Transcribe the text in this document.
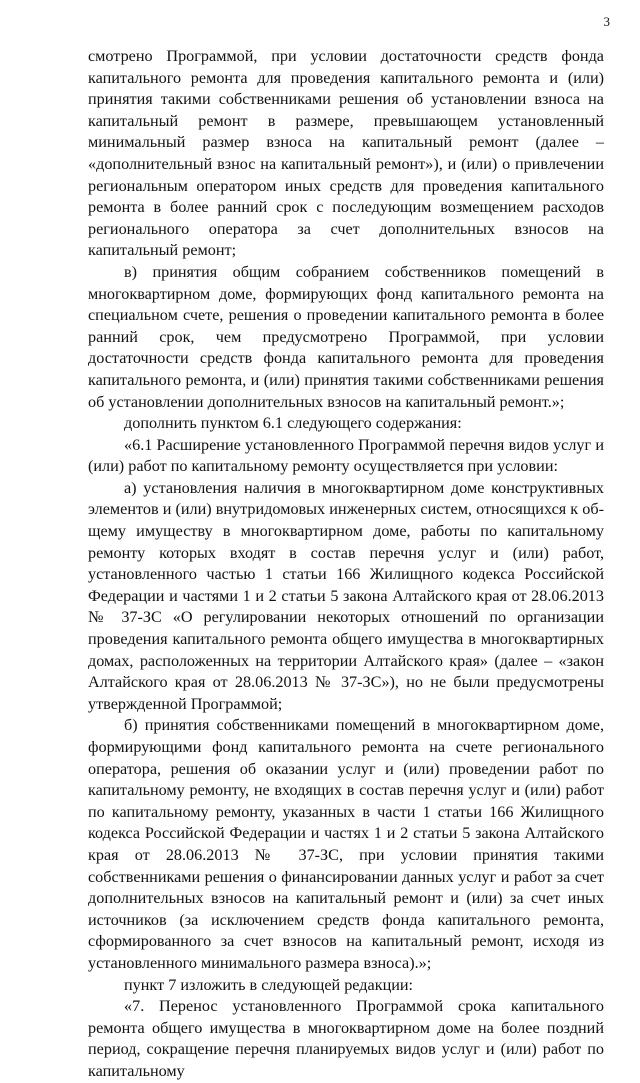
3

смотрено Программой, при условии достаточности средств фонда капитального ремонта для проведения капитального ремонта и (или) принятия такими собственниками решения об установлении взноса на капитальный ремонт в размере, превышающем установленный минимальный размер взноса на капитальный ремонт (далее – «дополнительный взнос на капитальный ремонт»), и (или) о привлечении региональным оператором иных средств для проведения капитального ремонта в более ранний срок с последующим возмещением расходов регионального оператора за счет дополнительных взносов на капитальный ремонт;

в) принятия общим собранием собственников помещений в многоквартирном доме, формирующих фонд капитального ремонта на специальном счете, решения о проведении капитального ремонта в более ранний срок, чем предусмотрено Программой, при условии достаточности средств фонда капитального ремонта для проведения капитального ремонта, и (или) принятия такими собственниками решения об установлении дополнительных взносов на капитальный ремонт.»;

дополнить пунктом 6.1 следующего содержания:

«6.1 Расширение установленного Программой перечня видов услуг и (или) работ по капитальному ремонту осуществляется при условии:

а) установления наличия в многоквартирном доме конструктивных элементов и (или) внутридомовых инженерных систем, относящихся к общему имуществу в многоквартирном доме, работы по капитальному ремонту которых входят в состав перечня услуг и (или) работ, установленного частью 1 статьи 166 Жилищного кодекса Российской Федерации и частями 1 и 2 статьи 5 закона Алтайского края от 28.06.2013 № 37-ЗС «О регулировании некоторых отношений по организации проведения капитального ремонта общего имущества в многоквартирных домах, расположенных на территории Алтайского края» (далее – «закон Алтайского края от 28.06.2013 № 37-ЗС»), но не были предусмотрены утвержденной Программой;

б) принятия собственниками помещений в многоквартирном доме, формирующими фонд капитального ремонта на счете регионального оператора, решения об оказании услуг и (или) проведении работ по капитальному ремонту, не входящих в состав перечня услуг и (или) работ по капитальному ремонту, указанных в части 1 статьи 166 Жилищного кодекса Российской Федерации и частях 1 и 2 статьи 5 закона Алтайского края от 28.06.2013 № 37-ЗС, при условии принятия такими собственниками решения о финансировании данных услуг и работ за счет дополнительных взносов на капитальный ремонт и (или) за счет иных источников (за исключением средств фонда капитального ремонта, сформированного за счет взносов на капитальный ремонт, исходя из установленного минимального размера взноса).»;

пункт 7 изложить в следующей редакции:

«7. Перенос установленного Программой срока капитального ремонта общего имущества в многоквартирном доме на более поздний период, сокращение перечня планируемых видов услуг и (или) работ по капитальному
